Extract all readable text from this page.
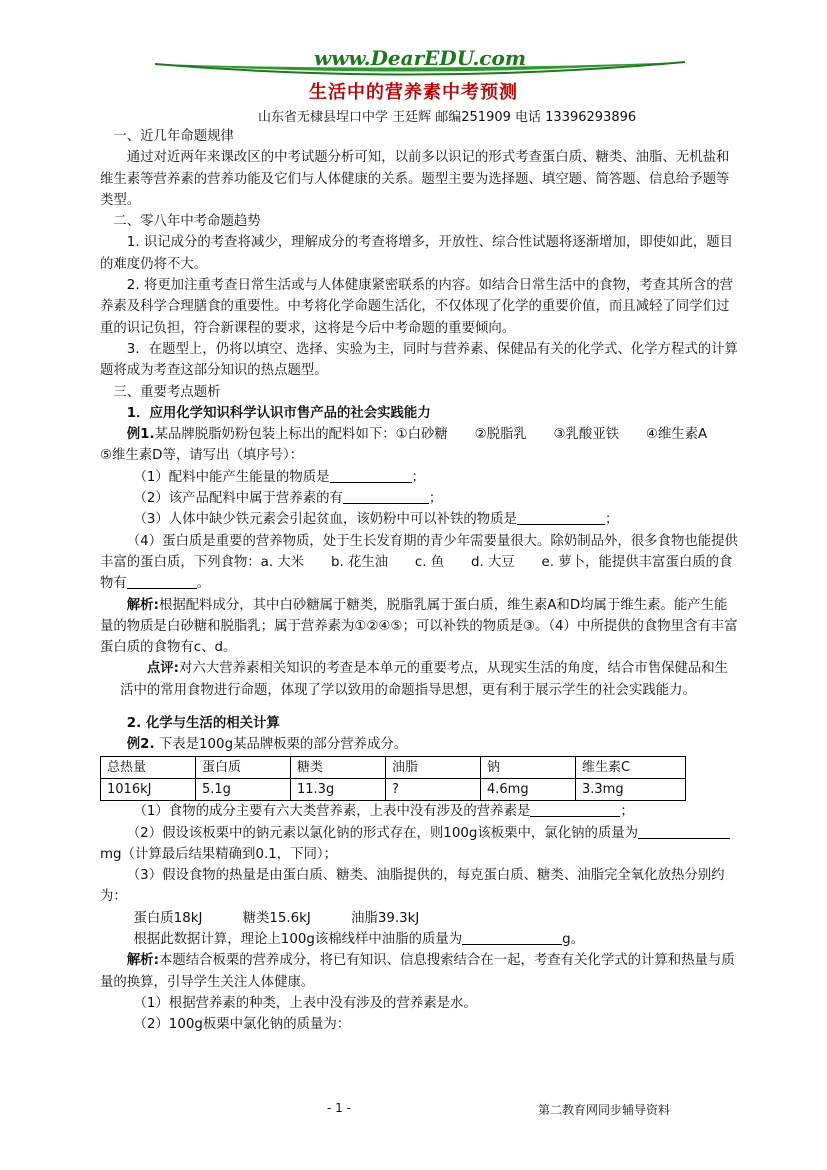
www.DearEDU.com
生活中的营养素中考预测
山东省无棣县埕口中学 王廷辉 邮编251909 电话 13396293896

一、近几年命题规律

通过对近两年来课改区的中考试题分析可知，以前多以识记的形式考查蛋白质、糖类、油脂、无机盐和维生素等营养素的营养功能及它们与人体健康的关系。题型主要为选择题、填空题、简答题、信息给予题等类型。

二、零八年中考命题趋势

1. 识记成分的考查将减少，理解成分的考查将增多，开放性、综合性试题将逐渐增加，即使如此，题目的难度仍将不大。

2. 将更加注重考查日常生活或与人体健康紧密联系的内容。如结合日常生活中的食物，考查其所含的营养素及科学合理膳食的重要性。中考将化学命题生活化，不仅体现了化学的重要价值，而且减轻了同学们过重的识记负担，符合新课程的要求，这将是今后中考命题的重要倾向。

3．在题型上，仍将以填空、选择、实验为主，同时与营养素、保健品有关的化学式、化学方程式的计算题将成为考查这部分知识的热点题型。

三、重要考点题析

1．应用化学知识科学认识市售产品的社会实践能力

例1.某品牌脱脂奶粉包装上标出的配料如下：①白砂糖　　②脱脂乳　　③乳酸亚铁　　④维生素A　　⑤维生素D等，请写出（填序号）：

（1）配料中能产生能量的物质是	；

（2）该产品配料中属于营养素的有	；

（3）人体中缺少铁元素会引起贫血，该奶粉中可以补铁的物质是	；

（4）蛋白质是重要的营养物质，处于生长发育期的青少年需要量很大。除奶制品外，很多食物也能提供丰富的蛋白质，下列食物：a. 大米　　b. 花生油　　c. 鱼　　d. 大豆　　e. 萝卜，能提供丰富蛋白质的食物有	。

解析:根据配料成分，其中白砂糖属于糖类，脱脂乳属于蛋白质，维生素A和D均属于维生素。能产生能量的物质是白砂糖和脱脂乳；属于营养素为①②④⑤；可以补铁的物质是③。（4）中所提供的食物里含有丰富蛋白质的食物有c、d。

点评:对六大营养素相关知识的考查是本单元的重要考点，从现实生活的角度，结合市售保健品和生活中的常用食物进行命题，体现了学以致用的命题指导思想，更有利于展示学生的社会实践能力。

2. 化学与生活的相关计算

例2. 下表是100g某品牌板栗的部分营养成分。

总热量	蛋白质	糖类	油脂	钠	维生素C
1016kJ	5.1g	11.3g	?	4.6mg	3.3mg

（1）食物的成分主要有六大类营养素，上表中没有涉及的营养素是	；

（2）假设该板栗中的钠元素以氯化钠的形式存在，则100g该板栗中，氯化钠的质量为mg（计算最后结果精确到0.1，下同）；

（3）假设食物的热量是由蛋白质、糖类、油脂提供的，每克蛋白质、糖类、油脂完全氧化放热分别约为：

蛋白质18kJ　　　糖类15.6kJ　　　油脂39.3kJ

根据此数据计算，理论上100g该棉线样中油脂的质量为	g。

解析:本题结合板栗的营养成分，将已有知识、信息搜索结合在一起，考查有关化学式的计算和热量与质量的换算，引导学生关注人体健康。

（1）根据营养素的种类，上表中没有涉及的营养素是水。

（2）100g板栗中氯化钠的质量为：

- 1 -	第二教育网同步辅导资料
